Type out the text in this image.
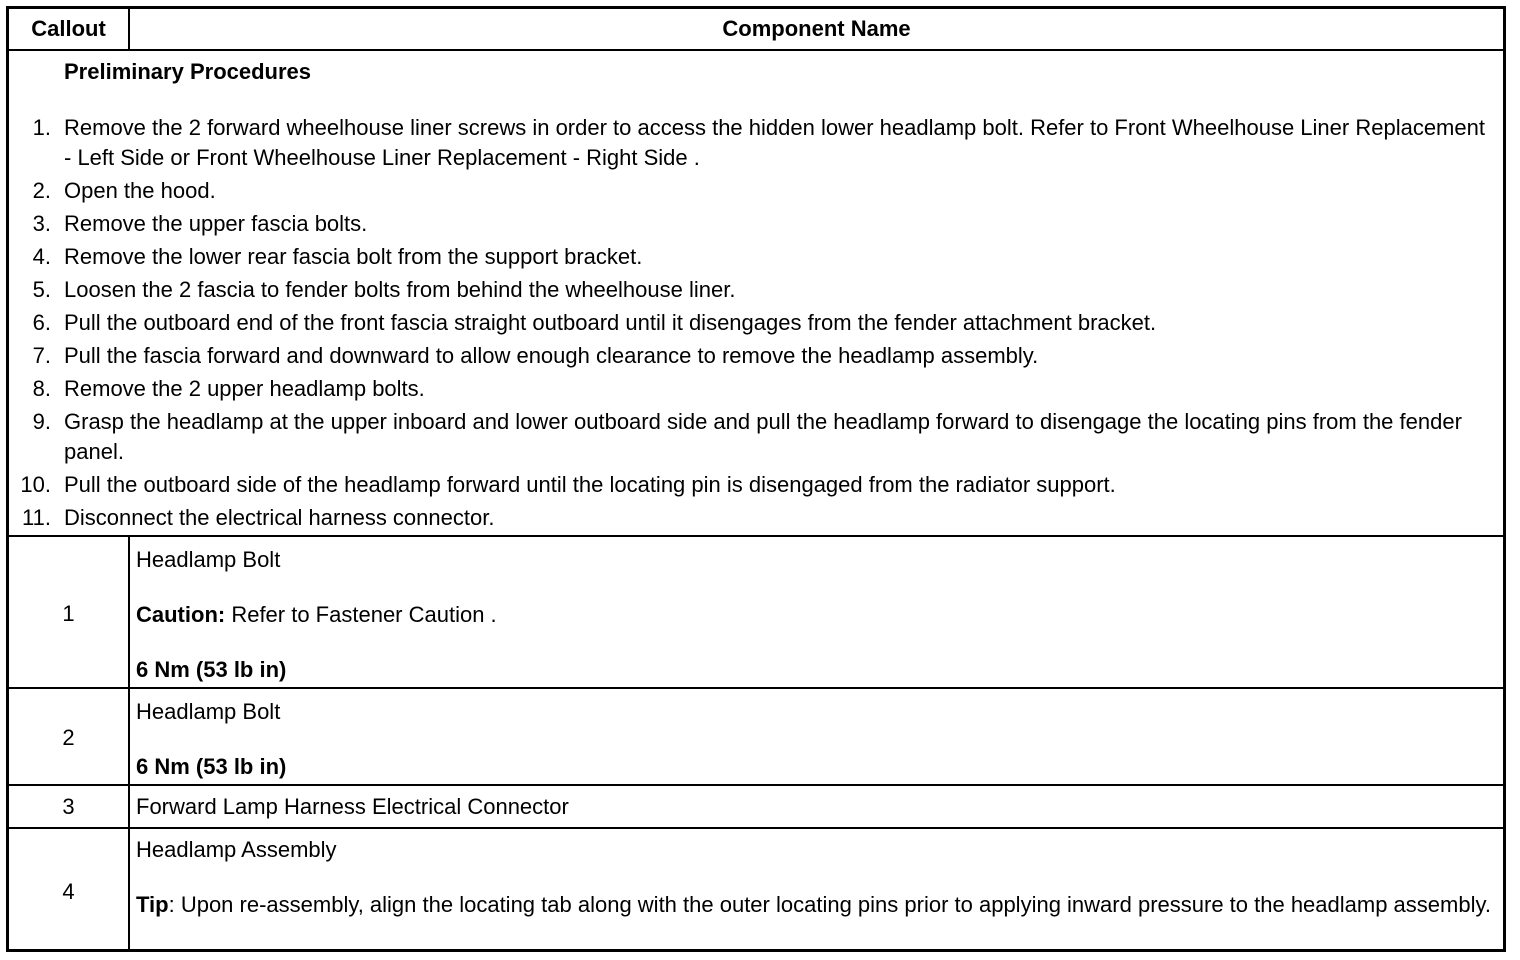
Callout	Component Name
Preliminary Procedures
1. Remove the 2 forward wheelhouse liner screws in order to access the hidden lower headlamp bolt. Refer to Front Wheelhouse Liner Replacement - Left Side or Front Wheelhouse Liner Replacement - Right Side .
2. Open the hood.
3. Remove the upper fascia bolts.
4. Remove the lower rear fascia bolt from the support bracket.
5. Loosen the 2 fascia to fender bolts from behind the wheelhouse liner.
6. Pull the outboard end of the front fascia straight outboard until it disengages from the fender attachment bracket.
7. Pull the fascia forward and downward to allow enough clearance to remove the headlamp assembly.
8. Remove the 2 upper headlamp bolts.
9. Grasp the headlamp at the upper inboard and lower outboard side and pull the headlamp forward to disengage the locating pins from the fender panel.
10. Pull the outboard side of the headlamp forward until the locating pin is disengaged from the radiator support.
11. Disconnect the electrical harness connector.
1
Headlamp Bolt
Caution: Refer to Fastener Caution .
6 Nm (53 lb in)
2
Headlamp Bolt
6 Nm (53 lb in)
3	Forward Lamp Harness Electrical Connector
4
Headlamp Assembly
Tip: Upon re-assembly, align the locating tab along with the outer locating pins prior to applying inward pressure to the headlamp assembly.
